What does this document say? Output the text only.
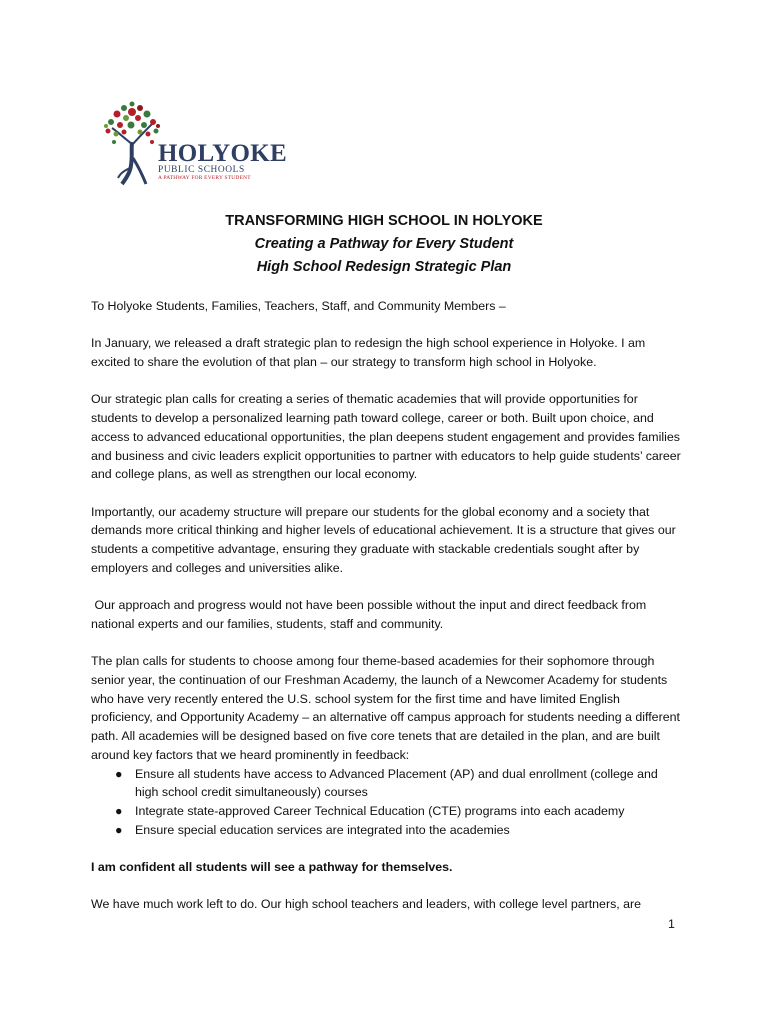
HOLYOKE
PUBLIC SCHOOLS
A PATHWAY FOR EVERY STUDENT
TRANSFORMING HIGH SCHOOL IN HOLYOKE
Creating a Pathway for Every Student
High School Redesign Strategic Plan

To Holyoke Students, Families, Teachers, Staff, and Community Members –

In January, we released a draft strategic plan to redesign the high school experience in Holyoke. I am excited to share the evolution of that plan – our strategy to transform high school in Holyoke.

Our strategic plan calls for creating a series of thematic academies that will provide opportunities for students to develop a personalized learning path toward college, career or both. Built upon choice, and access to advanced educational opportunities, the plan deepens student engagement and provides families and business and civic leaders explicit opportunities to partner with educators to help guide students’ career and college plans, as well as strengthen our local economy.

Importantly, our academy structure will prepare our students for the global economy and a society that demands more critical thinking and higher levels of educational achievement. It is a structure that gives our students a competitive advantage, ensuring they graduate with stackable credentials sought after by employers and colleges and universities alike.

Our approach and progress would not have been possible without the input and direct feedback from national experts and our families, students, staff and community.

The plan calls for students to choose among four theme-based academies for their sophomore through senior year, the continuation of our Freshman Academy, the launch of a Newcomer Academy for students who have very recently entered the U.S. school system for the first time and have limited English proficiency, and Opportunity Academy – an alternative off campus approach for students needing a different path. All academies will be designed based on five core tenets that are detailed in the plan, and are built around key factors that we heard prominently in feedback:

● Ensure all students have access to Advanced Placement (AP) and dual enrollment (college and high school credit simultaneously) courses
● Integrate state-approved Career Technical Education (CTE) programs into each academy
● Ensure special education services are integrated into the academies

I am confident all students will see a pathway for themselves.

We have much work left to do. Our high school teachers and leaders, with college level partners, are

1
